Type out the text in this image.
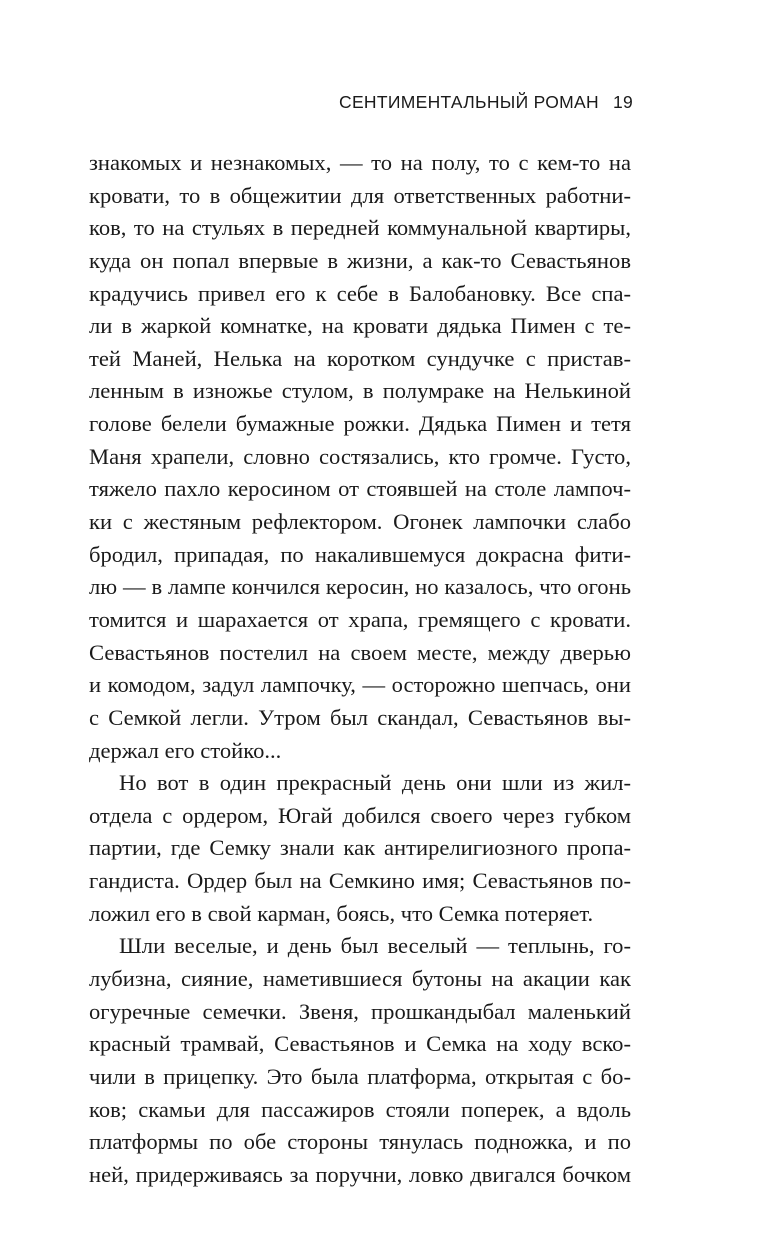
СЕНТИМЕНТАЛЬНЫЙ РОМАН 19
знакомых и незнакомых, — то на полу, то с кем-то на
кровати, то в общежитии для ответственных работни-
ков, то на стульях в передней коммунальной квартиры,
куда он попал впервые в жизни, а как-то Севастьянов
крадучись привел его к себе в Балобановку. Все спа-
ли в жаркой комнатке, на кровати дядька Пимен с те-
тей Маней, Нелька на коротком сундучке с пристав-
ленным в изножье стулом, в полумраке на Нелькиной
голове белели бумажные рожки. Дядька Пимен и тетя
Маня храпели, словно состязались, кто громче. Густо,
тяжело пахло керосином от стоявшей на столе лампоч-
ки с жестяным рефлектором. Огонек лампочки слабо
бродил, припадая, по накалившемуся докрасна фити-
лю — в лампе кончился керосин, но казалось, что огонь
томится и шарахается от храпа, гремящего с кровати.
Севастьянов постелил на своем месте, между дверью
и комодом, задул лампочку, — осторожно шепчась, они
с Семкой легли. Утром был скандал, Севастьянов вы-
держал его стойко...
Но вот в один прекрасный день они шли из жил-
отдела с ордером, Югай добился своего через губком
партии, где Семку знали как антирелигиозного пропа-
гандиста. Ордер был на Семкино имя; Севастьянов по-
ложил его в свой карман, боясь, что Семка потеряет.
Шли веселые, и день был веселый — теплынь, го-
лубизна, сияние, наметившиеся бутоны на акации как
огуречные семечки. Звеня, прошкандыбал маленький
красный трамвай, Севастьянов и Семка на ходу вско-
чили в прицепку. Это была платформа, открытая с бо-
ков; скамьи для пассажиров стояли поперек, а вдоль
платформы по обе стороны тянулась подножка, и по
ней, придерживаясь за поручни, ловко двигался бочком
